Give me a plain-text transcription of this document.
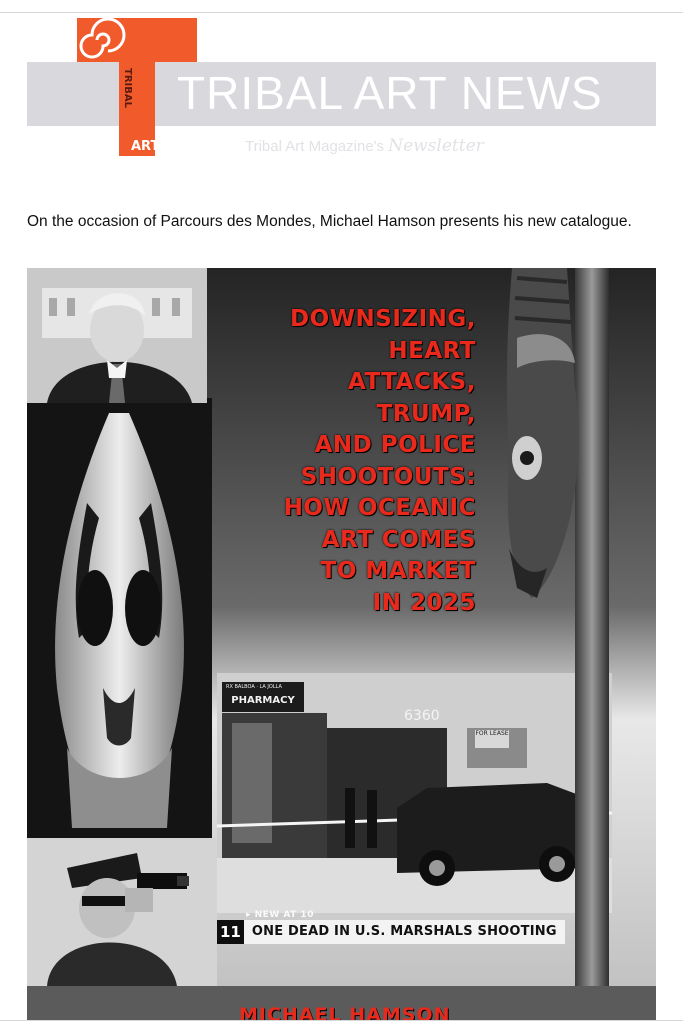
TRIBAL
ART
TRIBAL ART NEWS
Tribal Art Magazine's Newsletter
On the occasion of Parcours des Mondes, Michael Hamson presents his new catalogue.
DOWNSIZING,
HEART
ATTACKS,
TRUMP,
AND POLICE
SHOOTOUTS:
HOW OCEANIC
ART COMES
TO MARKET
IN 2025
RX BALBOA · LA JOLLA
PHARMACY
6360
FOR LEASE
▸ NEW AT 10
11 ONE DEAD IN U.S. MARSHALS SHOOTING
61°
MICHAEL HAMSON
